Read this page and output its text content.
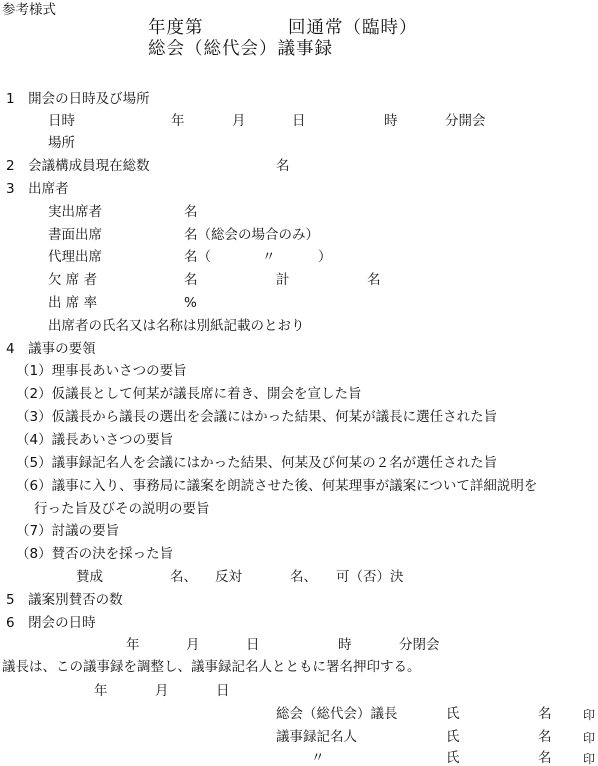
参考様式
年度第	回通常（臨時）
総会（総代会）議事録
1　開会の日時及び場所
日時	年	月	日	時	分開会
場所
2　会議構成員現在総数	名
3　出席者
実出席者	名
書面出席	名（総会の場合のみ）
代理出席	名（	〃	）
欠 席 者	名	計	名
出 席 率	%
出席者の氏名又は名称は別紙記載のとおり
4　議事の要領
（1）理事長あいさつの要旨
（2）仮議長として何某が議長席に着き、開会を宣した旨
（3）仮議長から議長の選出を会議にはかった結果、何某が議長に選任された旨
（4）議長あいさつの要旨
（5）議事録記名人を会議にはかった結果、何某及び何某の２名が選任された旨
（6）議事に入り、事務局に議案を朗読させた後、何某理事が議案について詳細説明を
行った旨及びその説明の要旨
（7）討議の要旨
（8）賛否の決を採った旨
賛成	名、 反対	名、 可（否）決
5　議案別賛否の数
6　閉会の日時
年	月	日	時	分閉会
議長は、この議事録を調整し、議事録記名人とともに署名押印する。
年	月	日
総会（総代会）議長	氏	名	印
議事録記名人	氏	名	印
〃	氏	名	印
